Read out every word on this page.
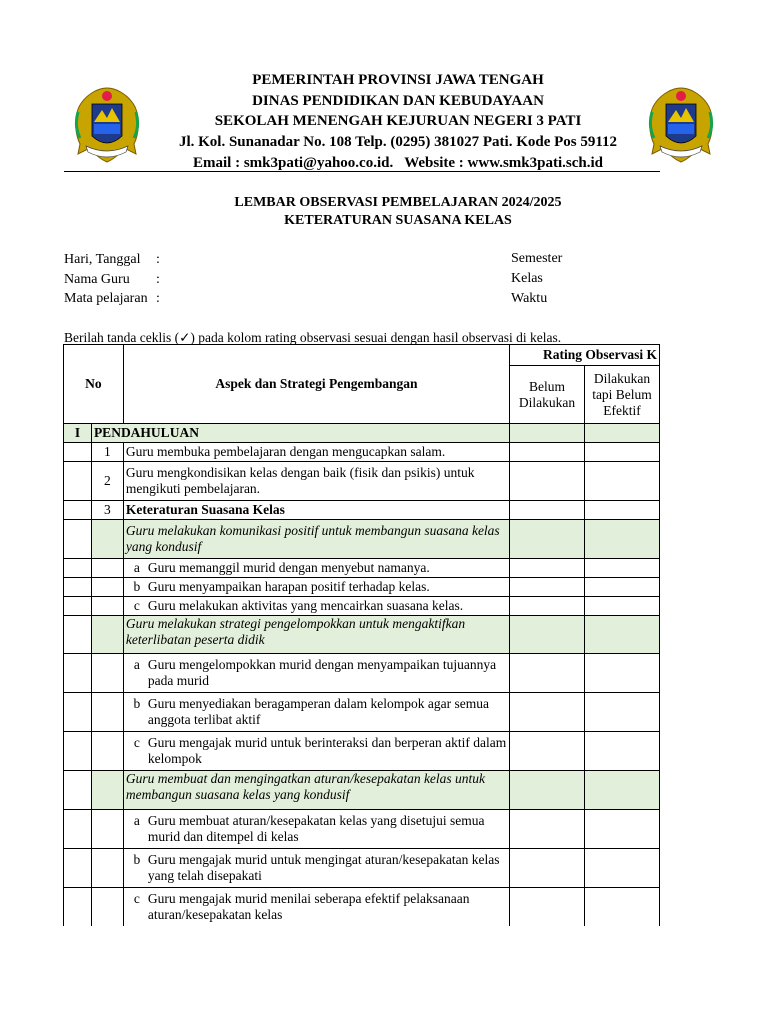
PEMERINTAH PROVINSI JAWA TENGAH
DINAS PENDIDIKAN DAN KEBUDAYAAN
SEKOLAH MENENGAH KEJURUAN NEGERI 3 PATI
Jl. Kol. Sunanadar No. 108 Telp. (0295) 381027 Pati. Kode Pos 59112
Email : smk3pati@yahoo.co.id.   Website : www.smk3pati.sch.id
LEMBAR OBSERVASI PEMBELAJARAN 2024/2025
KETERATURAN SUASANA KELAS
Hari, Tanggal :
Nama Guru :
Mata pelajaran :
Semester
Kelas
Waktu
Berilah tanda ceklis (✓) pada kolom rating observasi sesuai dengan hasil observasi di kelas.
No		Aspek dan Strategi Pengembangan	Rating Observasi K	
			Belum Dilakukan	Dilakukan tapi Belum Efektif
I	PENDAHULUAN			
	1	Guru membuka pembelajaran dengan mengucapkan salam.		
	2	Guru mengkondisikan kelas dengan baik (fisik dan psikis) untuk mengikuti pembelajaran.		
	3	Keteraturan Suasana Kelas		
		Guru melakukan komunikasi positif untuk membangun suasana kelas yang kondusif		

		a Guru memanggil murid dengan menyebut namanya.		

		b Guru menyampaikan harapan positif terhadap kelas.		

		c Guru melakukan aktivitas yang mencairkan suasana kelas.		

		Guru melakukan strategi pengelompokkan untuk mengaktifkan keterlibatan peserta didik		

		a Guru mengelompokkan murid dengan menyampaikan tujuannya pada murid		

		b Guru menyediakan beragamperan dalam kelompok agar semua anggota terlibat aktif		

		c Guru mengajak murid untuk berinteraksi dan berperan aktif dalam kelompok		

		Guru membuat dan mengingatkan aturan/kesepakatan kelas untuk membangun suasana kelas yang kondusif		

		a Guru membuat aturan/kesepakatan kelas yang disetujui semua murid dan ditempel di kelas		

		b Guru mengajak murid untuk mengingat aturan/kesepakatan kelas yang telah disepakati		

		c Guru mengajak murid menilai seberapa efektif pelaksanaan aturan/kesepakatan kelas		
